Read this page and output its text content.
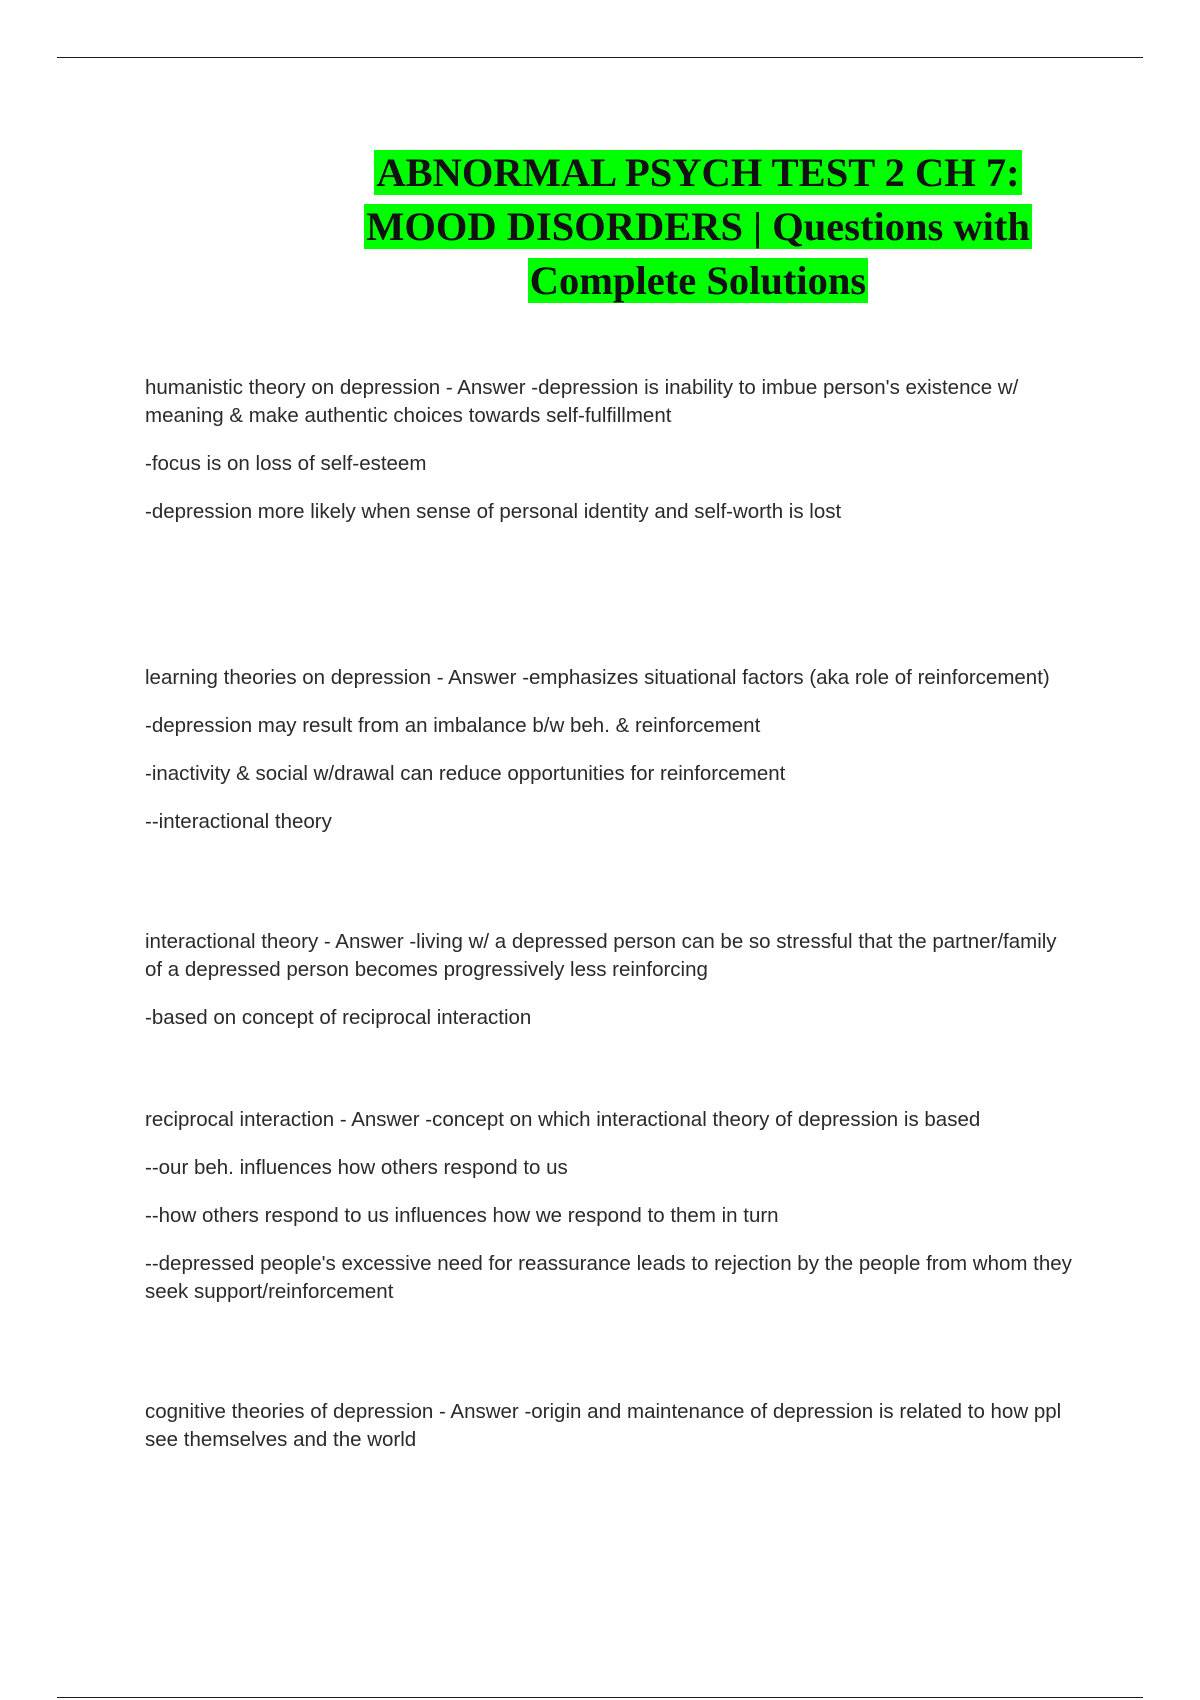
ABNORMAL PSYCH TEST 2 CH 7:
MOOD DISORDERS | Questions with
Complete Solutions

humanistic theory on depression - Answer -depression is inability to imbue person's existence w/ meaning & make authentic choices towards self-fulfillment

-focus is on loss of self-esteem

-depression more likely when sense of personal identity and self-worth is lost

learning theories on depression - Answer -emphasizes situational factors (aka role of reinforcement)

-depression may result from an imbalance b/w beh. & reinforcement

-inactivity & social w/drawal can reduce opportunities for reinforcement

--interactional theory

interactional theory - Answer -living w/ a depressed person can be so stressful that the partner/family of a depressed person becomes progressively less reinforcing

-based on concept of reciprocal interaction

reciprocal interaction - Answer -concept on which interactional theory of depression is based

--our beh. influences how others respond to us

--how others respond to us influences how we respond to them in turn

--depressed people's excessive need for reassurance leads to rejection by the people from whom they seek support/reinforcement

cognitive theories of depression - Answer -origin and maintenance of depression is related to how ppl see themselves and the world
